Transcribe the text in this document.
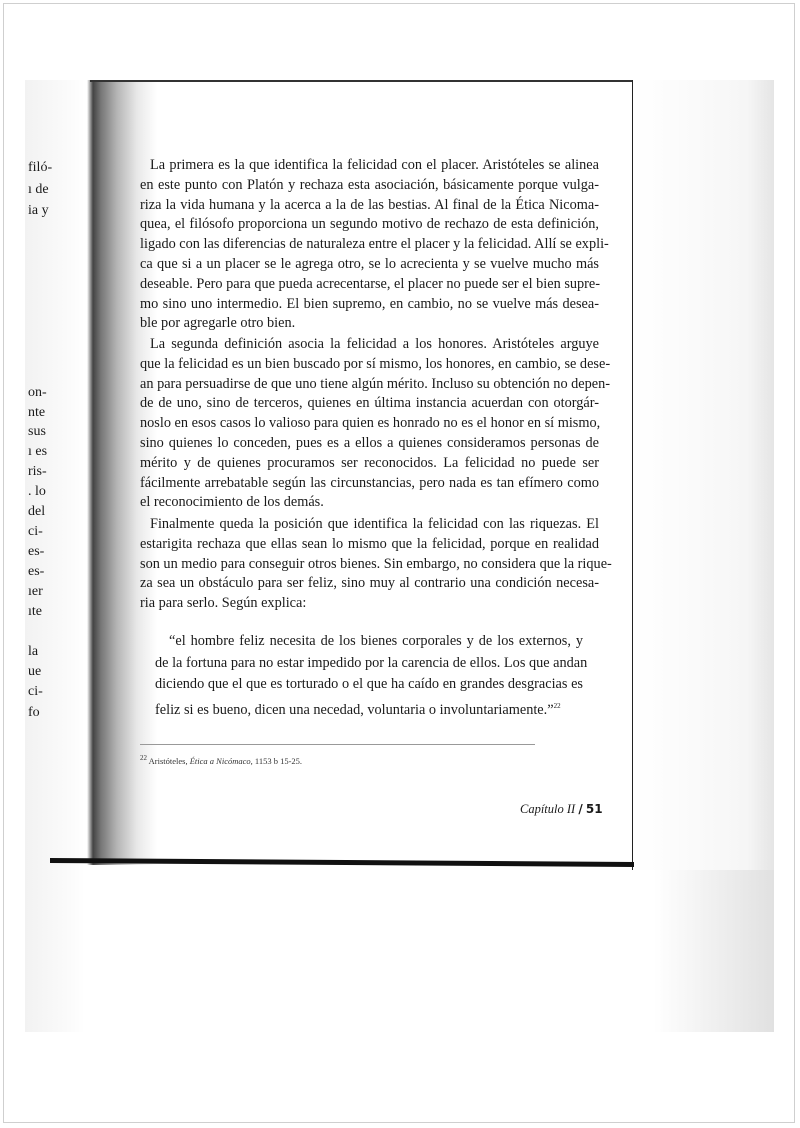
filó-
ı de
ia y
on-
nte
sus
ı es
ris-
. lo
del
ci-
es-
es-
ıer
ıte
la
ue
ci-
fo
La primera es la que identifica la felicidad con el placer. Aristóteles se alinea
en este punto con Platón y rechaza esta asociación, básicamente porque vulga-
riza la vida humana y la acerca a la de las bestias. Al final de la Ética Nicoma-
quea, el filósofo proporciona un segundo motivo de rechazo de esta definición,
ligado con las diferencias de naturaleza entre el placer y la felicidad. Allí se expli-
ca que si a un placer se le agrega otro, se lo acrecienta y se vuelve mucho más
deseable. Pero para que pueda acrecentarse, el placer no puede ser el bien supre-
mo sino uno intermedio. El bien supremo, en cambio, no se vuelve más desea-
ble por agregarle otro bien.
La segunda definición asocia la felicidad a los honores. Aristóteles arguye
que la felicidad es un bien buscado por sí mismo, los honores, en cambio, se dese-
an para persuadirse de que uno tiene algún mérito. Incluso su obtención no depen-
de de uno, sino de terceros, quienes en última instancia acuerdan con otorgár-
noslo en esos casos lo valioso para quien es honrado no es el honor en sí mismo,
sino quienes lo conceden, pues es a ellos a quienes consideramos personas de
mérito y de quienes procuramos ser reconocidos. La felicidad no puede ser
fácilmente arrebatable según las circunstancias, pero nada es tan efímero como
el reconocimiento de los demás.
Finalmente queda la posición que identifica la felicidad con las riquezas. El
estarigita rechaza que ellas sean lo mismo que la felicidad, porque en realidad
son un medio para conseguir otros bienes. Sin embargo, no considera que la rique-
za sea un obstáculo para ser feliz, sino muy al contrario una condición necesa-
ria para serlo. Según explica:
“el hombre feliz necesita de los bienes corporales y de los externos, y
de la fortuna para no estar impedido por la carencia de ellos. Los que andan
diciendo que el que es torturado o el que ha caído en grandes desgracias es
feliz si es bueno, dicen una necedad, voluntaria o involuntariamente.”$^{22}$
$^{22}$ Aristóteles, Ética a Nicómaco, 1153 b 15-25.
Capítulo II / 51
